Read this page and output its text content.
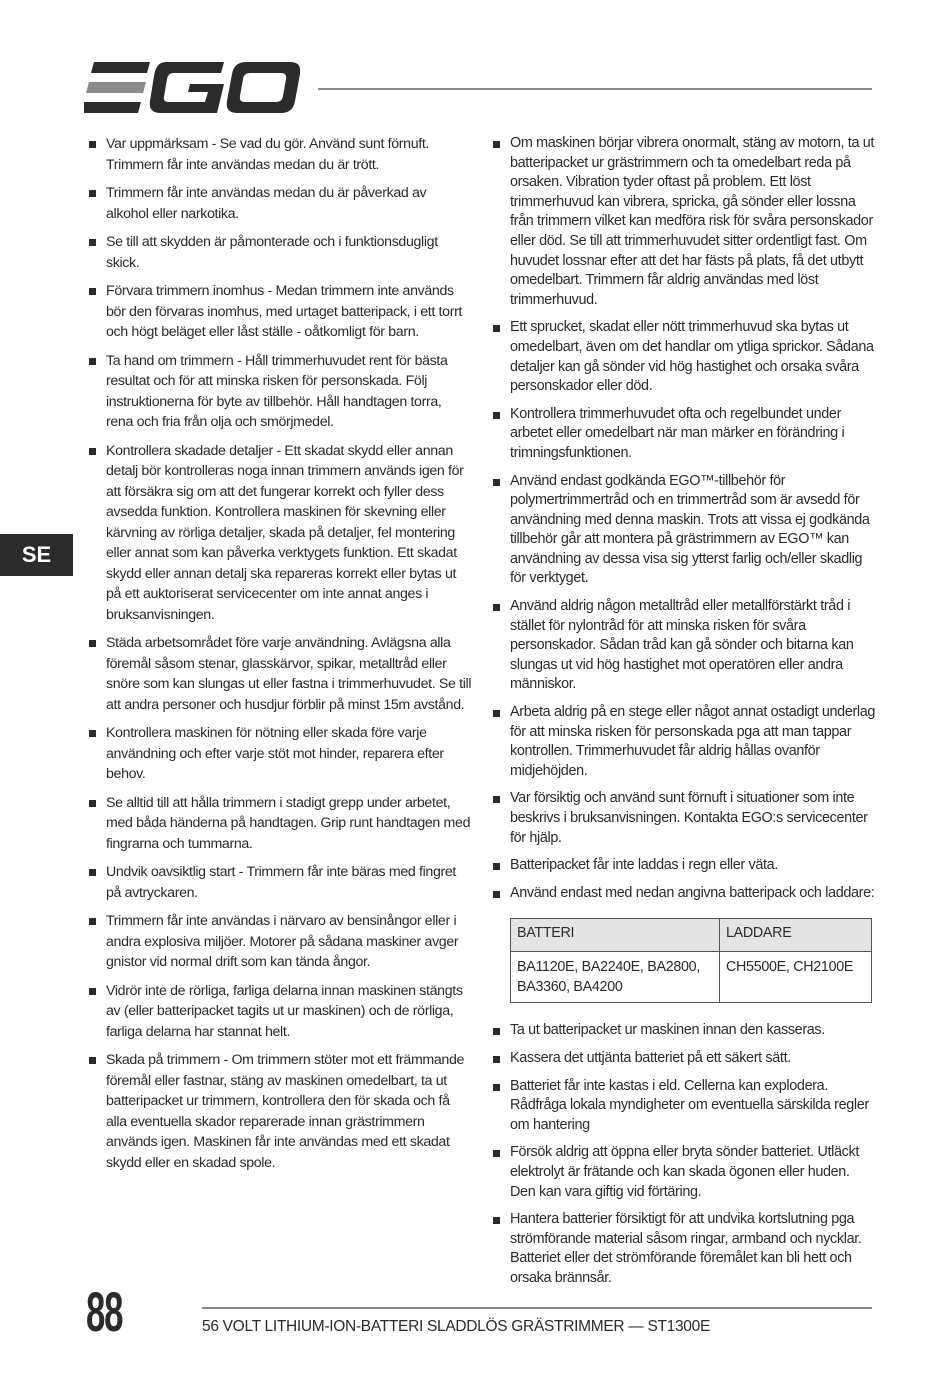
SE
Var uppmärksam - Se vad du gör. Använd sunt förnuft. Trimmern får inte användas medan du är trött.
Trimmern får inte användas medan du är påverkad av alkohol eller narkotika.
Se till att skydden är påmonterade och i funktionsdugligt skick.
Förvara trimmern inomhus - Medan trimmern inte används bör den förvaras inomhus, med urtaget batteripack, i ett torrt och högt beläget eller låst ställe - oåtkomligt för barn.
Ta hand om trimmern - Håll trimmerhuvudet rent för bästa resultat och för att minska risken för personskada. Följ instruktionerna för byte av tillbehör. Håll handtagen torra, rena och fria från olja och smörjmedel.
Kontrollera skadade detaljer - Ett skadat skydd eller annan detalj bör kontrolleras noga innan trimmern används igen för att försäkra sig om att det fungerar korrekt och fyller dess avsedda funktion. Kontrollera maskinen för skevning eller kärvning av rörliga detaljer, skada på detaljer, fel montering eller annat som kan påverka verktygets funktion. Ett skadat skydd eller annan detalj ska repareras korrekt eller bytas ut på ett auktoriserat servicecenter om inte annat anges i bruksanvisningen.
Städa arbetsområdet före varje användning. Avlägsna alla föremål såsom stenar, glasskärvor, spikar, metalltråd eller snöre som kan slungas ut eller fastna i trimmerhuvudet. Se till att andra personer och husdjur förblir på minst 15m avstånd.
Kontrollera maskinen för nötning eller skada före varje användning och efter varje stöt mot hinder, reparera efter behov.
Se alltid till att hålla trimmern i stadigt grepp under arbetet, med båda händerna på handtagen. Grip runt handtagen med fingrarna och tummarna.
Undvik oavsiktlig start - Trimmern får inte bäras med fingret på avtryckaren.
Trimmern får inte användas i närvaro av bensinångor eller i andra explosiva miljöer. Motorer på sådana maskiner avger gnistor vid normal drift som kan tända ångor.
Vidrör inte de rörliga, farliga delarna innan maskinen stängts av (eller batteripacket tagits ut ur maskinen) och de rörliga, farliga delarna har stannat helt.
Skada på trimmern - Om trimmern stöter mot ett främmande föremål eller fastnar, stäng av maskinen omedelbart, ta ut batteripacket ur trimmern, kontrollera den för skada och få alla eventuella skador reparerade innan grästrimmern används igen. Maskinen får inte användas med ett skadat skydd eller en skadad spole.
Om maskinen börjar vibrera onormalt, stäng av motorn, ta ut batteripacket ur grästrimmern och ta omedelbart reda på orsaken. Vibration tyder oftast på problem. Ett löst trimmerhuvud kan vibrera, spricka, gå sönder eller lossna från trimmern vilket kan medföra risk för svåra personskador eller död. Se till att trimmerhuvudet sitter ordentligt fast. Om huvudet lossnar efter att det har fästs på plats, få det utbytt omedelbart. Trimmern får aldrig användas med löst trimmerhuvud.
Ett sprucket, skadat eller nött trimmerhuvud ska bytas ut omedelbart, även om det handlar om ytliga sprickor. Sådana detaljer kan gå sönder vid hög hastighet och orsaka svåra personskador eller död.
Kontrollera trimmerhuvudet ofta och regelbundet under arbetet eller omedelbart när man märker en förändring i trimningsfunktionen.
Använd endast godkända EGO™-tillbehör för polymertrimmertråd och en trimmertråd som är avsedd för användning med denna maskin. Trots att vissa ej godkända tillbehör går att montera på grästrimmern av EGO™ kan användning av dessa visa sig ytterst farlig och/eller skadlig för verktyget.
Använd aldrig någon metalltråd eller metallförstärkt tråd i stället för nylontråd för att minska risken för svåra personskador. Sådan tråd kan gå sönder och bitarna kan slungas ut vid hög hastighet mot operatören eller andra människor.
Arbeta aldrig på en stege eller något annat ostadigt underlag för att minska risken för personskada pga att man tappar kontrollen. Trimmerhuvudet får aldrig hållas ovanför midjehöjden.
Var försiktig och använd sunt förnuft i situationer som inte beskrivs i bruksanvisningen. Kontakta EGO:s servicecenter för hjälp.
Batteripacket får inte laddas i regn eller väta.
Använd endast med nedan angivna batteripack och laddare:
BATTERI	LADDARE
BA1120E, BA2240E, BA2800, BA3360, BA4200	CH5500E, CH2100E
Ta ut batteripacket ur maskinen innan den kasseras.
Kassera det uttjänta batteriet på ett säkert sätt.
Batteriet får inte kastas i eld. Cellerna kan explodera. Rådfråga lokala myndigheter om eventuella särskilda regler om hantering
Försök aldrig att öppna eller bryta sönder batteriet. Utläckt elektrolyt är frätande och kan skada ögonen eller huden. Den kan vara giftig vid förtäring.
Hantera batterier försiktigt för att undvika kortslutning pga strömförande material såsom ringar, armband och nycklar. Batteriet eller det strömförande föremålet kan bli hett och orsaka brännsår.
88	56 VOLT LITHIUM-ION-BATTERI SLADDLÖS GRÄSTRIMMER — ST1300E
